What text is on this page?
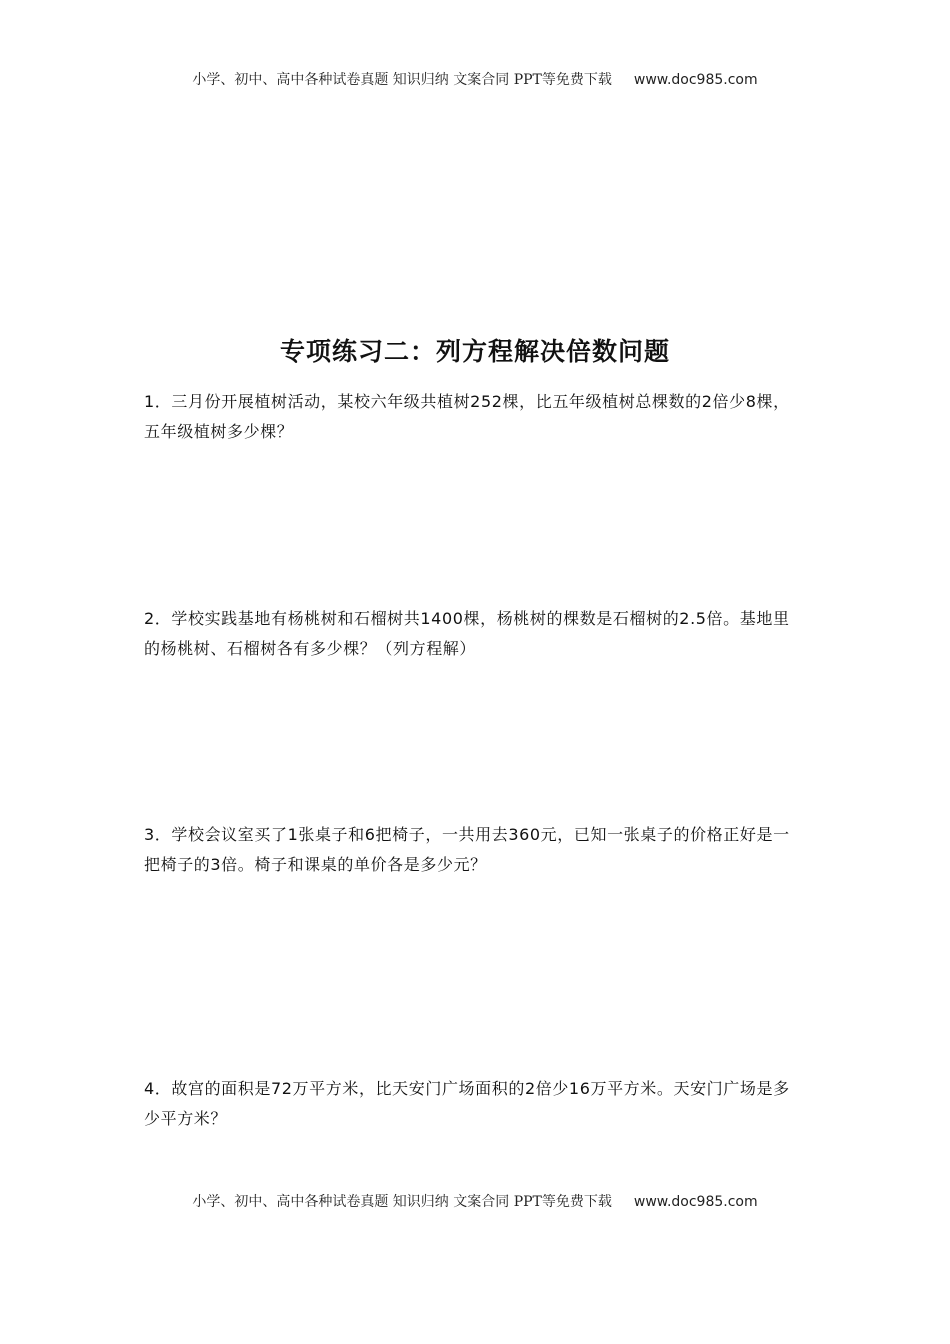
小学、初中、高中各种试卷真题 知识归纳 文案合同 PPT等免费下载 www.doc985.com
专项练习二：列方程解决倍数问题

1．三月份开展植树活动，某校六年级共植树252棵，比五年级植树总棵数的2倍少8棵，五年级植树多少棵？

2．学校实践基地有杨桃树和石榴树共1400棵，杨桃树的棵数是石榴树的2.5倍。基地里的杨桃树、石榴树各有多少棵？（列方程解）

3．学校会议室买了1张桌子和6把椅子，一共用去360元，已知一张桌子的价格正好是一把椅子的3倍。椅子和课桌的单价各是多少元？

4．故宫的面积是72万平方米，比天安门广场面积的2倍少16万平方米。天安门广场是多少平方米？

小学、初中、高中各种试卷真题 知识归纳 文案合同 PPT等免费下载 www.doc985.com
